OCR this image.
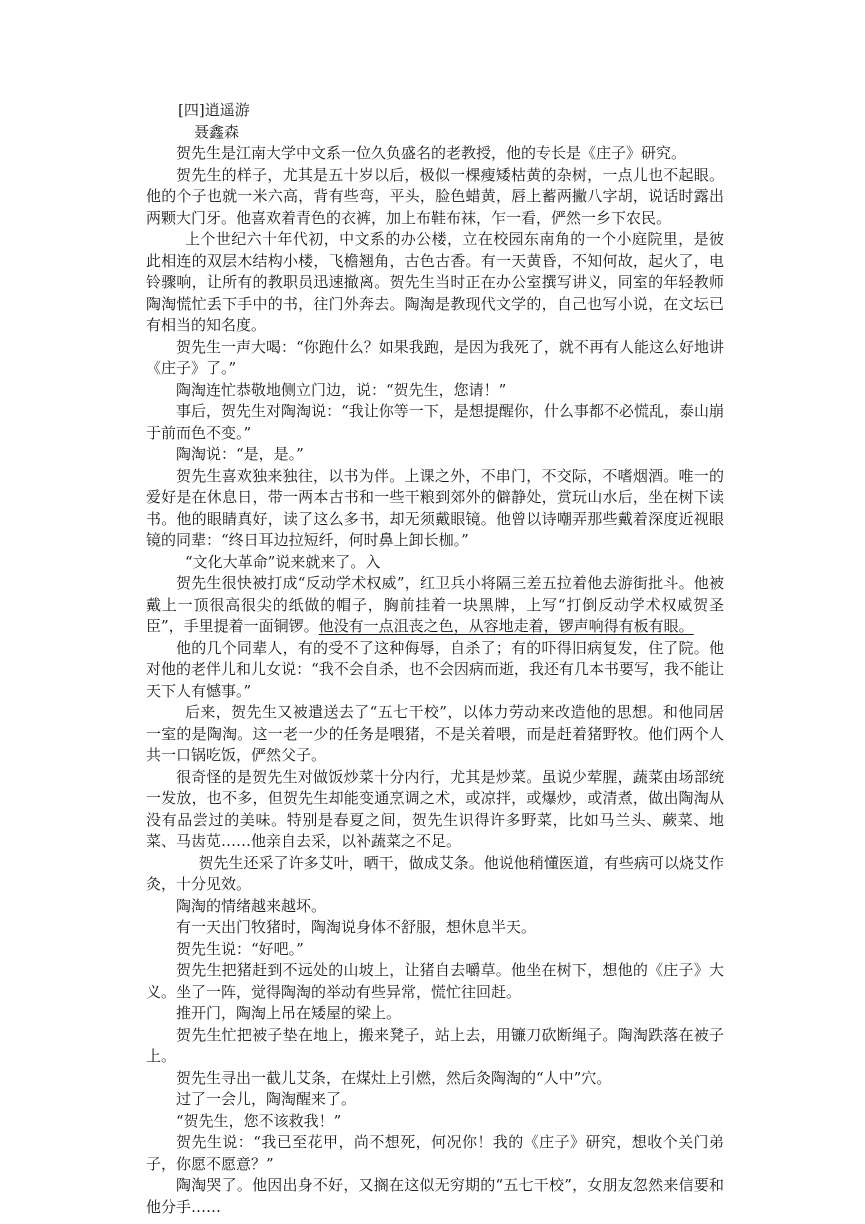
[四]逍遥游

聂鑫森

贺先生是江南大学中文系一位久负盛名的老教授，他的专长是《庄子》研究。

贺先生的样子，尤其是五十岁以后，极似一棵瘦矮枯黄的杂树，一点儿也不起眼。他的个子也就一米六高，背有些弯，平头，脸色蜡黄，唇上蓄两撇八字胡，说话时露出两颗大门牙。他喜欢着青色的衣裤，加上布鞋布袜，乍一看，俨然一乡下农民。

上个世纪六十年代初，中文系的办公楼，立在校园东南角的一个小庭院里，是彼此相连的双层木结构小楼，飞檐翘角，古色古香。有一天黄昏，不知何故，起火了，电铃骤响，让所有的教职员迅速撤离。贺先生当时正在办公室撰写讲义，同室的年轻教师陶淘慌忙丢下手中的书，往门外奔去。陶淘是教现代文学的，自己也写小说，在文坛已有相当的知名度。

贺先生一声大喝：“你跑什么？如果我跑，是因为我死了，就不再有人能这么好地讲《庄子》了。”

陶淘连忙恭敬地侧立门边，说：“贺先生，您请！”

事后，贺先生对陶淘说：“我让你等一下，是想提醒你，什么事都不必慌乱，泰山崩于前而色不变。”

陶淘说：“是，是。”

贺先生喜欢独来独往，以书为伴。上课之外，不串门，不交际，不嗜烟酒。唯一的爱好是在休息日，带一两本古书和一些干粮到郊外的僻静处，赏玩山水后，坐在树下读书。他的眼睛真好，读了这么多书，却无须戴眼镜。他曾以诗嘲弄那些戴着深度近视眼镜的同辈：“终日耳边拉短纤，何时鼻上卸长枷。”

“文化大革命”说来就来了。入

贺先生很快被打成“反动学术权威”，红卫兵小将隔三差五拉着他去游街批斗。他被戴上一顶很高很尖的纸做的帽子，胸前挂着一块黑牌，上写“打倒反动学术权威贺圣臣”，手里提着一面铜锣。他没有一点沮丧之色，从容地走着，锣声响得有板有眼。

他的几个同辈人，有的受不了这种侮辱，自杀了；有的吓得旧病复发，住了院。他对他的老伴儿和儿女说：“我不会自杀，也不会因病而逝，我还有几本书要写，我不能让天下人有憾事。”

后来，贺先生又被遣送去了“五七干校”，以体力劳动来改造他的思想。和他同居一室的是陶淘。这一老一少的任务是喂猪，不是关着喂，而是赶着猪野牧。他们两个人共一口锅吃饭，俨然父子。

很奇怪的是贺先生对做饭炒菜十分内行，尤其是炒菜。虽说少荤腥，蔬菜由场部统一发放，也不多，但贺先生却能变通烹调之术，或凉拌，或爆炒，或清煮，做出陶淘从没有品尝过的美味。特别是春夏之间，贺先生识得许多野菜，比如马兰头、蕨菜、地菜、马齿苋……他亲自去采，以补蔬菜之不足。

贺先生还采了许多艾叶，晒干，做成艾条。他说他稍懂医道，有些病可以烧艾作灸，十分见效。

陶淘的情绪越来越坏。

有一天出门牧猪时，陶淘说身体不舒服，想休息半天。

贺先生说：“好吧。”

贺先生把猪赶到不远处的山坡上，让猪自去嚼草。他坐在树下，想他的《庄子》大义。坐了一阵，觉得陶淘的举动有些异常，慌忙往回赶。

推开门，陶淘上吊在矮屋的梁上。

贺先生忙把被子垫在地上，搬来凳子，站上去，用镰刀砍断绳子。陶淘跌落在被子上。

贺先生寻出一截儿艾条，在煤灶上引燃，然后灸陶淘的“人中”穴。

过了一会儿，陶淘醒来了。

“贺先生，您不该救我！”

贺先生说：“我已至花甲，尚不想死，何况你！我的《庄子》研究，想收个关门弟子，你愿不愿意？”

陶淘哭了。他因出身不好，又搁在这似无穷期的“五七干校”，女朋友忽然来信要和他分手……
